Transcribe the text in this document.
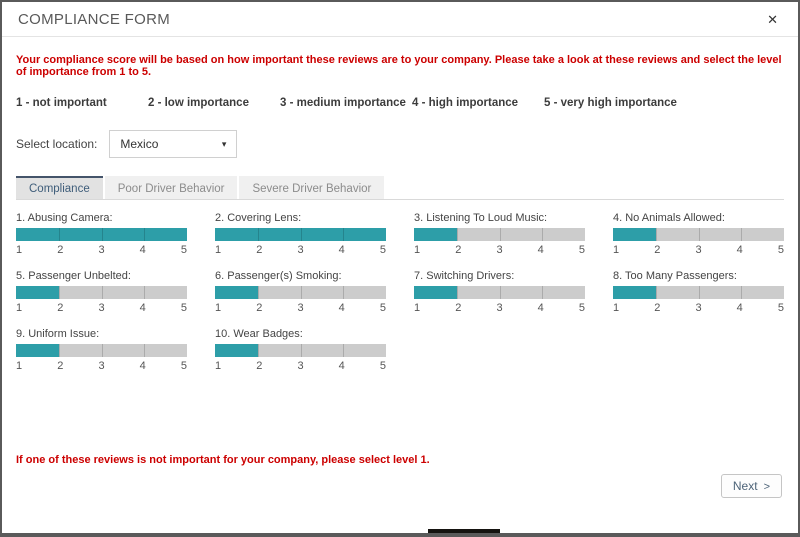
COMPLIANCE FORM	✕
Your compliance score will be based on how important these reviews are to your company. Please take a look at these reviews and select the level of importance from 1 to 5.
1 - not important	2 - low importance	3 - medium importance 4 - high importance	5 - very high importance
Select location: Mexico	▾
Compliance	Poor Driver Behavior	Severe Driver Behavior
1. Abusing Camera:
1	2	3	4	5
2. Covering Lens:
1	2	3	4	5
3. Listening To Loud Music:
1	2	3	4	5
4. No Animals Allowed:
1	2	3	4	5
5. Passenger Unbelted:
1	2	3	4	5
6. Passenger(s) Smoking:
1	2	3	4	5
7. Switching Drivers:
1	2	3	4	5
8. Too Many Passengers:
1	2	3	4	5
9. Uniform Issue:
1	2	3	4	5
10. Wear Badges:
1	2	3	4	5
If one of these reviews is not important for your company, please select level 1.
Next >
